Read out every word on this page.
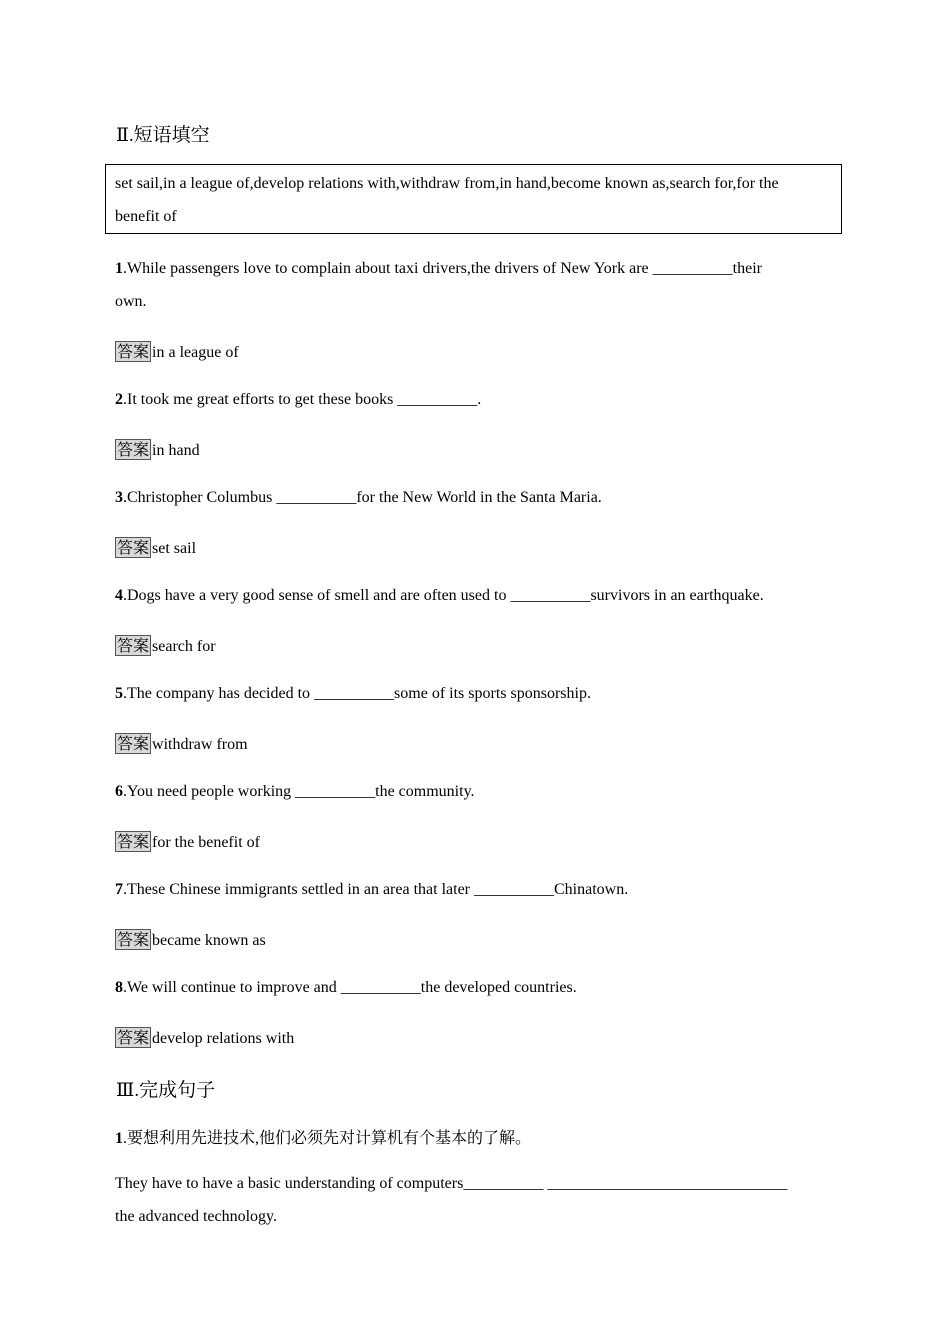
Ⅱ.短语填空
set sail,in a league of,develop relations with,withdraw from,in hand,become known as,search for,for the
benefit of
1.While passengers love to complain about taxi drivers,the drivers of New York are __________their
own.
答案 in a league of
2.It took me great efforts to get these books __________.
答案 in hand
3.Christopher Columbus __________for the New World in the Santa Maria.
答案 set sail
4.Dogs have a very good sense of smell and are often used to __________survivors in an earthquake.
答案 search for
5.The company has decided to __________some of its sports sponsorship.
答案 withdraw from
6.You need people working __________the community.
答案 for the benefit of
7.These Chinese immigrants settled in an area that later __________Chinatown.
答案 became known as
8.We will continue to improve and __________the developed countries.
答案 develop relations with
Ⅲ.完成句子
1.要想利用先进技术,他们必须先对计算机有个基本的了解。
They have to have a basic understanding of computers__________ ______________________________
the advanced technology.
